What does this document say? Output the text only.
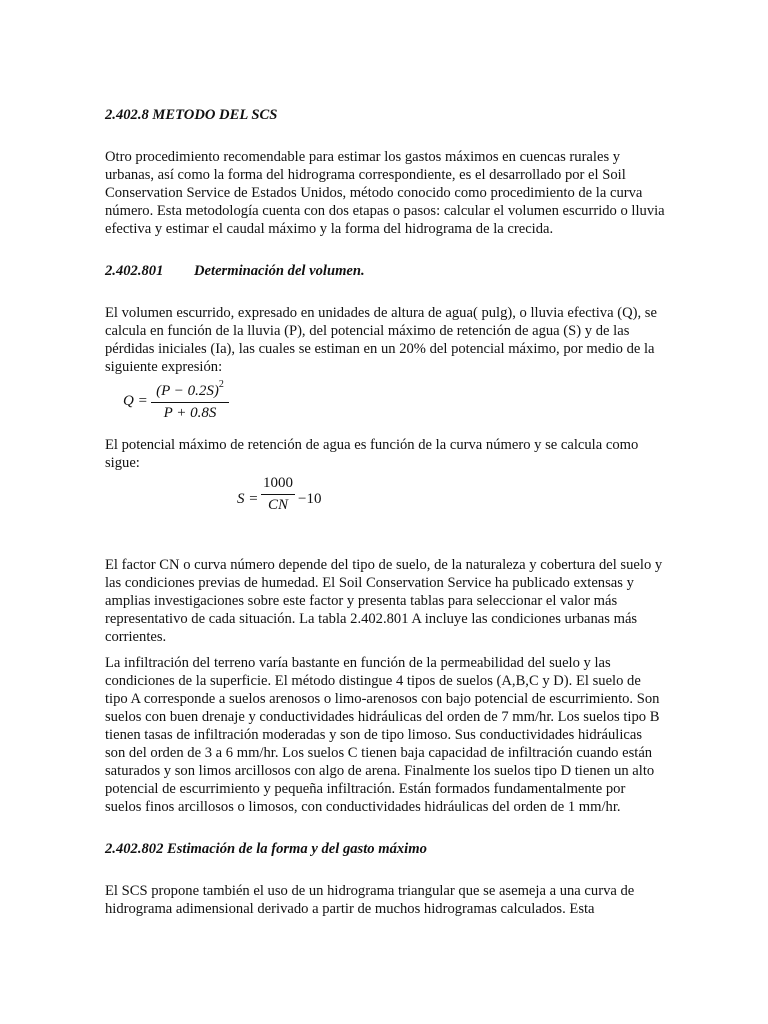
2.402.8 METODO DEL SCS

Otro procedimiento recomendable para estimar los gastos máximos en cuencas rurales y urbanas, así como la forma del hidrograma correspondiente, es el desarrollado por el Soil Conservation Service de Estados Unidos, método conocido como procedimiento de la curva número. Esta metodología cuenta con dos etapas o pasos: calcular el volumen escurrido o lluvia efectiva y estimar el caudal máximo y la forma del hidrograma de la crecida.

2.402.801 Determinación del volumen.

El volumen escurrido, expresado en unidades de altura de agua( pulg), o lluvia efectiva (Q), se calcula en función de la lluvia (P), del potencial máximo de retención de agua (S) y de las pérdidas iniciales (Ia), las cuales se estiman en un 20% del potencial máximo, por medio de la siguiente expresión:

Q =
$(P - 0.2S)^2$
P + 0.8S

El potencial máximo de retención de agua es función de la curva número y se calcula como sigue:

S =
1000
CN −10

El factor CN o curva número depende del tipo de suelo, de la naturaleza y cobertura del suelo y las condiciones previas de humedad. El Soil Conservation Service ha publicado extensas y amplias investigaciones sobre este factor y presenta tablas para seleccionar el valor más representativo de cada situación. La tabla 2.402.801 A incluye las condiciones urbanas más corrientes.

La infiltración del terreno varía bastante en función de la permeabilidad del suelo y las condiciones de la superficie. El método distingue 4 tipos de suelos (A,B,C y D). El suelo de tipo A corresponde a suelos arenosos o limo-arenosos con bajo potencial de escurrimiento. Son suelos con buen drenaje y conductividades hidráulicas del orden de 7 mm/hr. Los suelos tipo B tienen tasas de infiltración moderadas y son de tipo limoso. Sus conductividades hidráulicas son del orden de 3 a 6 mm/hr. Los suelos C tienen baja capacidad de infiltración cuando están saturados y son limos arcillosos con algo de arena. Finalmente los suelos tipo D tienen un alto potencial de escurrimiento y pequeña infiltración. Están formados fundamentalmente por suelos finos arcillosos o limosos, con conductividades hidráulicas del orden de 1 mm/hr.

2.402.802 Estimación de la forma y del gasto máximo

El SCS propone también el uso de un hidrograma triangular que se asemeja a una curva de hidrograma adimensional derivado a partir de muchos hidrogramas calculados. Esta
